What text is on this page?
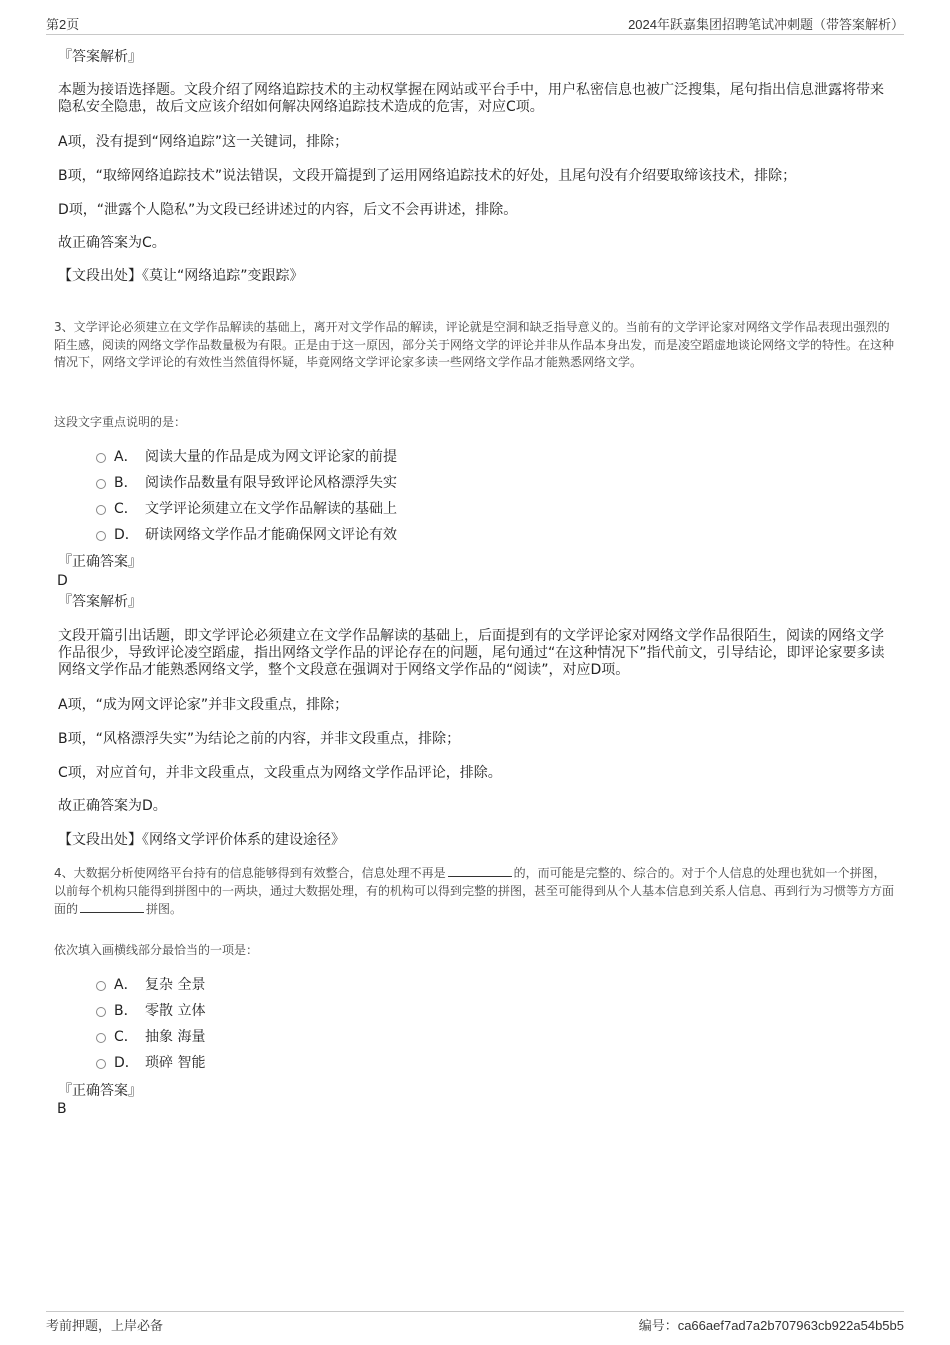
第2页	2024年跃嘉集团招聘笔试冲刺题（带答案解析）
『答案解析』
本题为接语选择题。文段介绍了网络追踪技术的主动权掌握在网站或平台手中，用户私密信息也被广泛搜集，尾句指出信息泄露将带来隐私安全隐患，故后文应该介绍如何解决网络追踪技术造成的危害，对应C项。
A项，没有提到“网络追踪”这一关键词，排除；
B项，“取缔网络追踪技术”说法错误，文段开篇提到了运用网络追踪技术的好处，且尾句没有介绍要取缔该技术，排除；
D项，“泄露个人隐私”为文段已经讲述过的内容，后文不会再讲述，排除。
故正确答案为C。
【文段出处】《莫让“网络追踪”变跟踪》
3、文学评论必须建立在文学作品解读的基础上，离开对文学作品的解读，评论就是空洞和缺乏指导意义的。当前有的文学评论家对网络文学作品表现出强烈的陌生感，阅读的网络文学作品数量极为有限。正是由于这一原因，部分关于网络文学的评论并非从作品本身出发，而是凌空蹈虚地谈论网络文学的特性。在这种情况下，网络文学评论的有效性当然值得怀疑，毕竟网络文学评论家多读一些网络文学作品才能熟悉网络文学。
这段文字重点说明的是：
A． 阅读大量的作品是成为网文评论家的前提
B． 阅读作品数量有限导致评论风格漂浮失实
C． 文学评论须建立在文学作品解读的基础上
D． 研读网络文学作品才能确保网文评论有效
『正确答案』
D
『答案解析』
文段开篇引出话题，即文学评论必须建立在文学作品解读的基础上，后面提到有的文学评论家对网络文学作品很陌生，阅读的网络文学作品很少，导致评论凌空蹈虚，指出网络文学作品的评论存在的问题，尾句通过“在这种情况下”指代前文，引导结论，即评论家要多读网络文学作品才能熟悉网络文学，整个文段意在强调对于网络文学作品的“阅读”，对应D项。
A项，“成为网文评论家”并非文段重点，排除；
B项，“风格漂浮失实”为结论之前的内容，并非文段重点，排除；
C项，对应首句，并非文段重点，文段重点为网络文学作品评论，排除。
故正确答案为D。
【文段出处】《网络文学评价体系的建设途径》
4、大数据分析使网络平台持有的信息能够得到有效整合，信息处理不再是	的，而可能是完整的、综合的。对于个人信息的处理也犹如一个拼图，以前每个机构只能得到拼图中的一两块，通过大数据处理，有的机构可以得到完整的拼图，甚至可能得到从个人基本信息到关系人信息、再到行为习惯等方方面面的	拼图。
依次填入画横线部分最恰当的一项是：
A． 复杂 全景
B． 零散 立体
C． 抽象 海量
D． 琐碎 智能
『正确答案』
B
考前押题，上岸必备	编号：ca66aef7ad7a2b707963cb922a54b5b5
